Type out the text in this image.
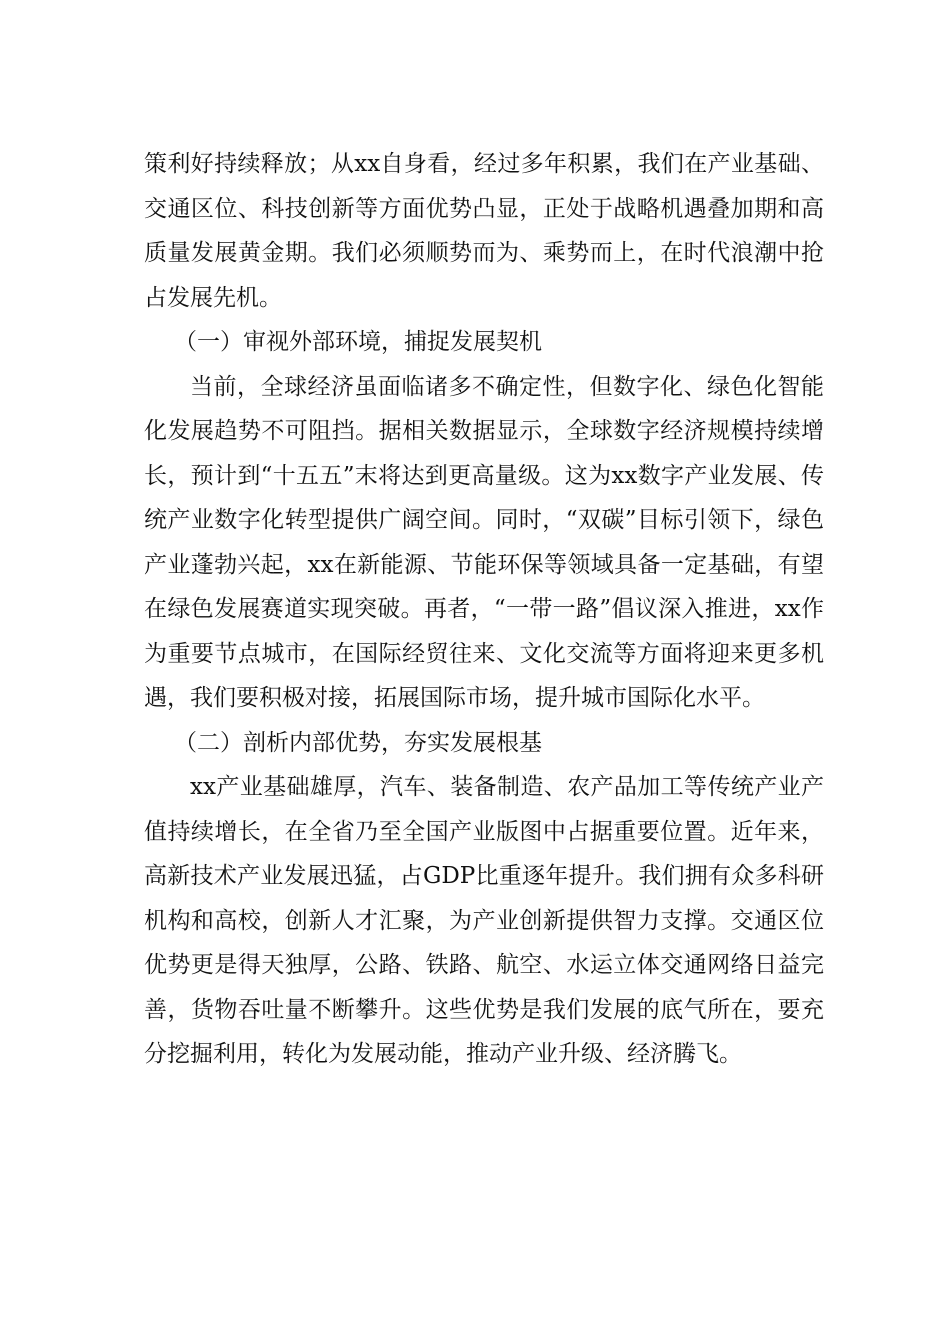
策利好持续释放；从xx自身看，经过多年积累，我们在产业基础、交通区位、科技创新等方面优势凸显，正处于战略机遇叠加期和高质量发展黄金期。我们必须顺势而为、乘势而上，在时代浪潮中抢占发展先机。

（一）审视外部环境，捕捉发展契机

当前，全球经济虽面临诸多不确定性，但数字化、绿色化智能化发展趋势不可阻挡。据相关数据显示，全球数字经济规模持续增长，预计到“十五五”末将达到更高量级。这为xx数字产业发展、传统产业数字化转型提供广阔空间。同时，“双碳”目标引领下，绿色产业蓬勃兴起，xx在新能源、节能环保等领域具备一定基础，有望在绿色发展赛道实现突破。再者，“一带一路”倡议深入推进，xx作为重要节点城市，在国际经贸往来、文化交流等方面将迎来更多机遇，我们要积极对接，拓展国际市场，提升城市国际化水平。

（二）剖析内部优势，夯实发展根基

xx产业基础雄厚，汽车、装备制造、农产品加工等传统产业产值持续增长，在全省乃至全国产业版图中占据重要位置。近年来，高新技术产业发展迅猛，占GDP比重逐年提升。我们拥有众多科研机构和高校，创新人才汇聚，为产业创新提供智力支撑。交通区位优势更是得天独厚，公路、铁路、航空、水运立体交通网络日益完善，货物吞吐量不断攀升。这些优势是我们发展的底气所在，要充分挖掘利用，转化为发展动能，推动产业升级、经济腾飞。
